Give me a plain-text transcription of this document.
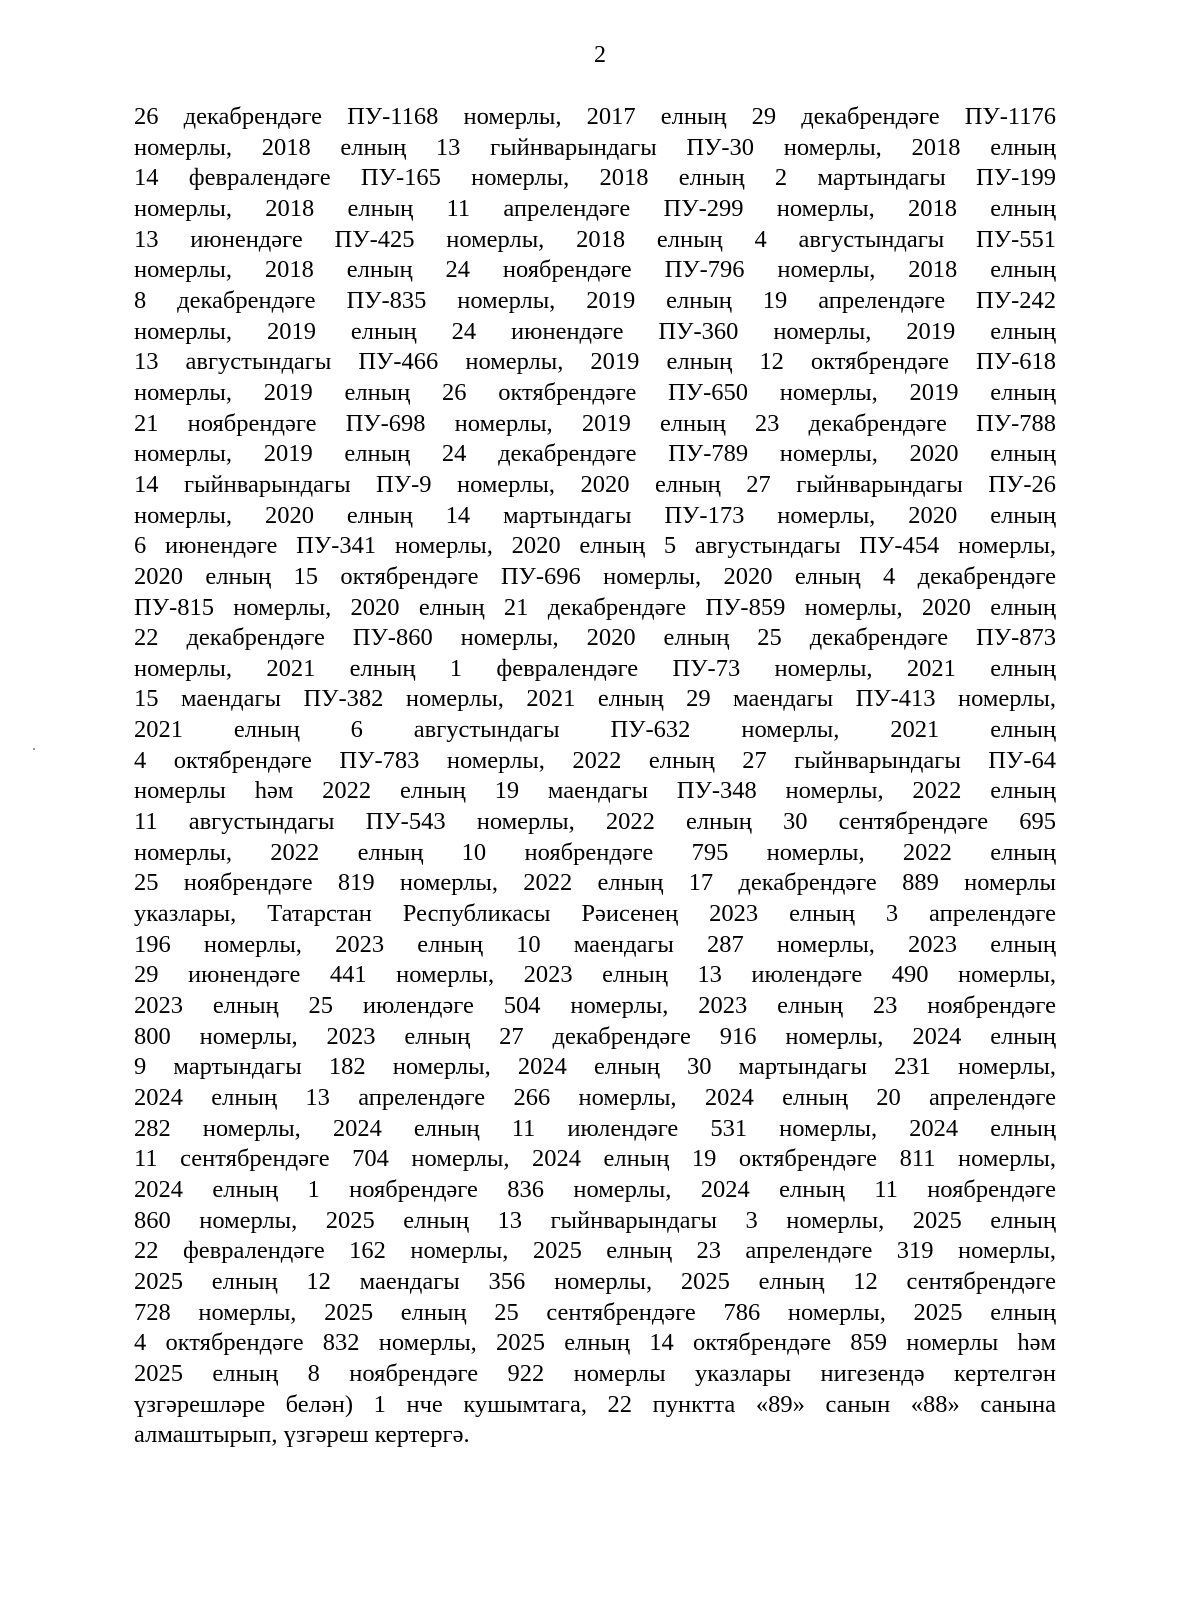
2
26 декабрендәге ПУ-1168 номерлы, 2017 елның 29 декабрендәге ПУ-1176
номерлы, 2018 елның 13 гыйнварындагы ПУ-30 номерлы, 2018 елның
14 февралендәге ПУ-165 номерлы, 2018 елның 2 мартындагы ПУ-199
номерлы, 2018 елның 11 апрелендәге ПУ-299 номерлы, 2018 елның
13 июнендәге ПУ-425 номерлы, 2018 елның 4 августындагы ПУ-551
номерлы, 2018 елның 24 ноябрендәге ПУ-796 номерлы, 2018 елның
8 декабрендәге ПУ-835 номерлы, 2019 елның 19 апрелендәге ПУ-242
номерлы, 2019 елның 24 июнендәге ПУ-360 номерлы, 2019 елның
13 августындагы ПУ-466 номерлы, 2019 елның 12 октябрендәге ПУ-618
номерлы, 2019 елның 26 октябрендәге ПУ-650 номерлы, 2019 елның
21 ноябрендәге ПУ-698 номерлы, 2019 елның 23 декабрендәге ПУ-788
номерлы, 2019 елның 24 декабрендәге ПУ-789 номерлы, 2020 елның
14 гыйнварындагы ПУ-9 номерлы, 2020 елның 27 гыйнварындагы ПУ-26
номерлы, 2020 елның 14 мартындагы ПУ-173 номерлы, 2020 елның
6 июнендәге ПУ-341 номерлы, 2020 елның 5 августындагы ПУ-454 номерлы,
2020 елның 15 октябрендәге ПУ-696 номерлы, 2020 елның 4 декабрендәге
ПУ-815 номерлы, 2020 елның 21 декабрендәге ПУ-859 номерлы, 2020 елның
22 декабрендәге ПУ-860 номерлы, 2020 елның 25 декабрендәге ПУ-873
номерлы, 2021 елның 1 февралендәге ПУ-73 номерлы, 2021 елның
15 маендагы ПУ-382 номерлы, 2021 елның 29 маендагы ПУ-413 номерлы,
2021 елның 6 августындагы ПУ-632 номерлы, 2021 елның
4 октябрендәге ПУ-783 номерлы, 2022 елның 27 гыйнварындагы ПУ-64
номерлы һәм 2022 елның 19 маендагы ПУ-348 номерлы, 2022 елның
11 августындагы ПУ-543 номерлы, 2022 елның 30 сентябрендәге 695
номерлы, 2022 елның 10 ноябрендәге 795 номерлы, 2022 елның
25 ноябрендәге 819 номерлы, 2022 елның 17 декабрендәге 889 номерлы
указлары, Татарстан Республикасы Рәисенең 2023 елның 3 апрелендәге
196 номерлы, 2023 елның 10 маендагы 287 номерлы, 2023 елның
29 июнендәге 441 номерлы, 2023 елның 13 июлендәге 490 номерлы,
2023 елның 25 июлендәге 504 номерлы, 2023 елның 23 ноябрендәге
800 номерлы, 2023 елның 27 декабрендәге 916 номерлы, 2024 елның
9 мартындагы 182 номерлы, 2024 елның 30 мартындагы 231 номерлы,
2024 елның 13 апрелендәге 266 номерлы, 2024 елның 20 апрелендәге
282 номерлы, 2024 елның 11 июлендәге 531 номерлы, 2024 елның
11 сентябрендәге 704 номерлы, 2024 елның 19 октябрендәге 811 номерлы,
2024 елның 1 ноябрендәге 836 номерлы, 2024 елның 11 ноябрендәге
860 номерлы, 2025 елның 13 гыйнварындагы 3 номерлы, 2025 елның
22 февралендәге 162 номерлы, 2025 елның 23 апрелендәге 319 номерлы,
2025 елның 12 маендагы 356 номерлы, 2025 елның 12 сентябрендәге
728 номерлы, 2025 елның 25 сентябрендәге 786 номерлы, 2025 елның
4 октябрендәге 832 номерлы, 2025 елның 14 октябрендәге 859 номерлы һәм
2025 елның 8 ноябрендәге 922 номерлы указлары нигезендә кертелгән
үзгәрешләре белән) 1 нче кушымтага, 22 пунктта «89» санын «88» санына
алмаштырып, үзгәреш кертергә.
